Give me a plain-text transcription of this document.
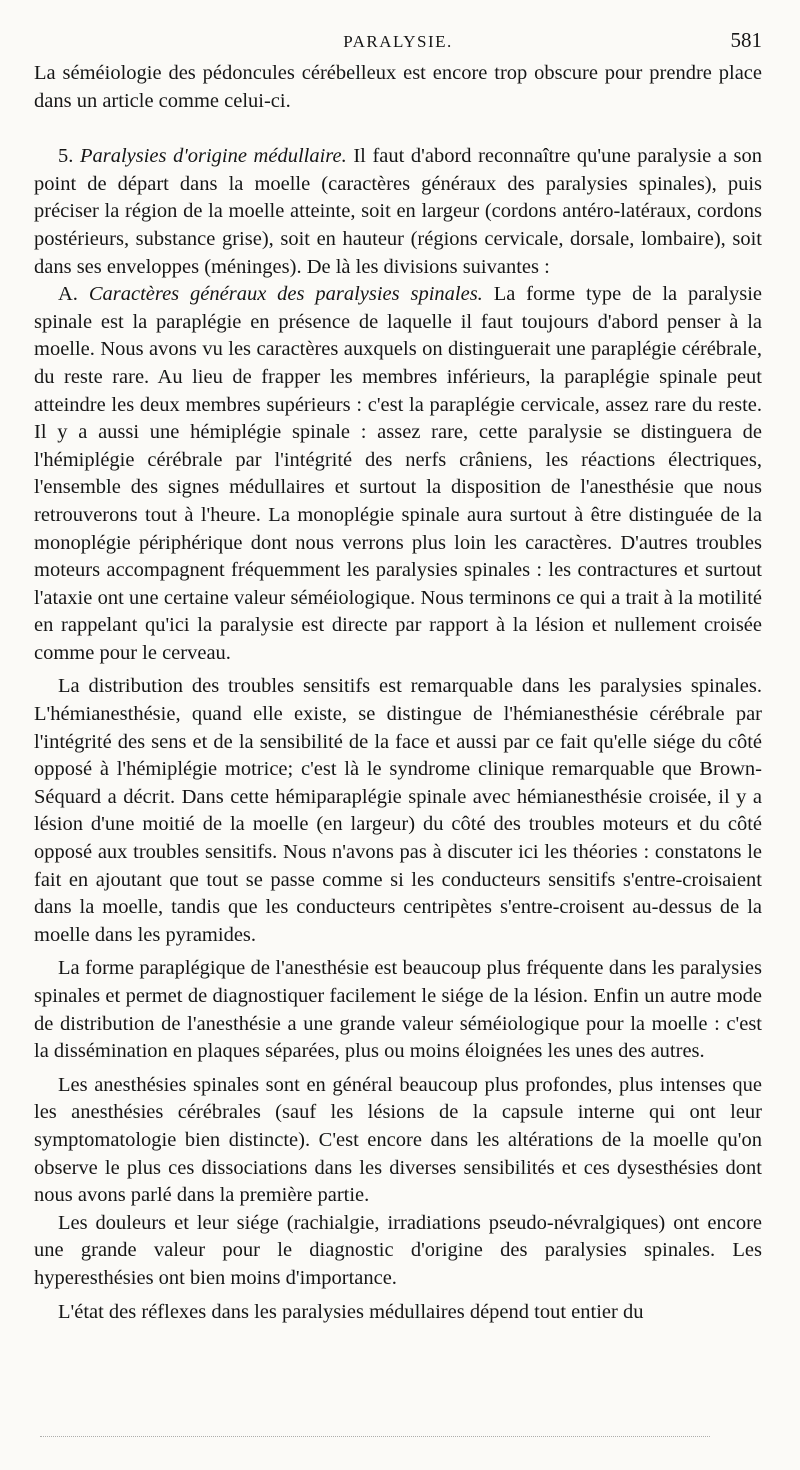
PARALYSIE.	581

La séméiologie des pédoncules cérébelleux est encore trop obscure pour prendre place dans un article comme celui-ci.

5. Paralysies d'origine médullaire. Il faut d'abord reconnaître qu'une paralysie a son point de départ dans la moelle (caractères généraux des paralysies spinales), puis préciser la région de la moelle atteinte, soit en largeur (cordons antéro-latéraux, cordons postérieurs, substance grise), soit en hauteur (régions cervicale, dorsale, lombaire), soit dans ses enveloppes (méninges). De là les divisions suivantes :

A. Caractères généraux des paralysies spinales. La forme type de la paralysie spinale est la paraplégie en présence de laquelle il faut toujours d'abord penser à la moelle. Nous avons vu les caractères auxquels on distinguerait une paraplégie cérébrale, du reste rare. Au lieu de frapper les membres inférieurs, la paraplégie spinale peut atteindre les deux membres supérieurs : c'est la paraplégie cervicale, assez rare du reste. Il y a aussi une hémiplégie spinale : assez rare, cette paralysie se distinguera de l'hémiplégie cérébrale par l'intégrité des nerfs crâniens, les réactions électriques, l'ensemble des signes médullaires et surtout la disposition de l'anesthésie que nous retrouverons tout à l'heure. La monoplégie spinale aura surtout à être distinguée de la monoplégie périphérique dont nous verrons plus loin les caractères. D'autres troubles moteurs accompagnent fréquemment les paralysies spinales : les contractures et surtout l'ataxie ont une certaine valeur séméiologique. Nous terminons ce qui a trait à la motilité en rappelant qu'ici la paralysie est directe par rapport à la lésion et nullement croisée comme pour le cerveau.

La distribution des troubles sensitifs est remarquable dans les paralysies spinales. L'hémianesthésie, quand elle existe, se distingue de l'hémianesthésie cérébrale par l'intégrité des sens et de la sensibilité de la face et aussi par ce fait qu'elle siége du côté opposé à l'hémiplégie motrice; c'est là le syndrome clinique remarquable que Brown-Séquard a décrit. Dans cette hémiparaplégie spinale avec hémianesthésie croisée, il y a lésion d'une moitié de la moelle (en largeur) du côté des troubles moteurs et du côté opposé aux troubles sensitifs. Nous n'avons pas à discuter ici les théories : constatons le fait en ajoutant que tout se passe comme si les conducteurs sensitifs s'entre-croisaient dans la moelle, tandis que les conducteurs centripètes s'entre-croisent au-dessus de la moelle dans les pyramides.

La forme paraplégique de l'anesthésie est beaucoup plus fréquente dans les paralysies spinales et permet de diagnostiquer facilement le siége de la lésion. Enfin un autre mode de distribution de l'anesthésie a une grande valeur séméiologique pour la moelle : c'est la dissémination en plaques séparées, plus ou moins éloignées les unes des autres.

Les anesthésies spinales sont en général beaucoup plus profondes, plus intenses que les anesthésies cérébrales (sauf les lésions de la capsule interne qui ont leur symptomatologie bien distincte). C'est encore dans les altérations de la moelle qu'on observe le plus ces dissociations dans les diverses sensibilités et ces dysesthésies dont nous avons parlé dans la première partie.

Les douleurs et leur siége (rachialgie, irradiations pseudo-névralgiques) ont encore une grande valeur pour le diagnostic d'origine des paralysies spinales. Les hyperesthésies ont bien moins d'importance.

L'état des réflexes dans les paralysies médullaires dépend tout entier du
